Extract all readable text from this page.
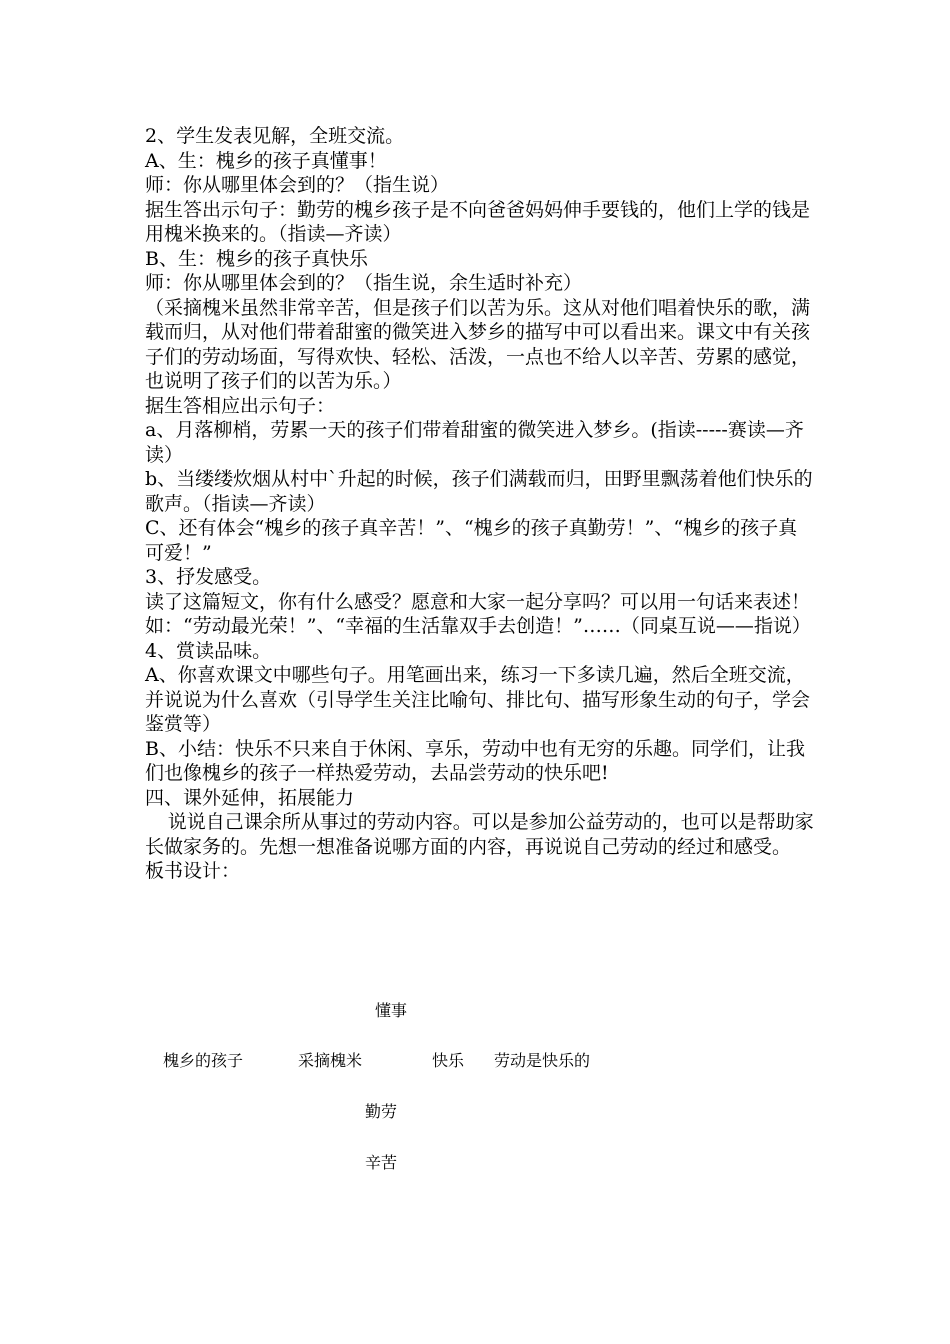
2、学生发表见解，全班交流。

A、生：槐乡的孩子真懂事！

师：你从哪里体会到的？（指生说）

据生答出示句子：勤劳的槐乡孩子是不向爸爸妈妈伸手要钱的，他们上学的钱是用槐米换来的。（指读—齐读）

B、生：槐乡的孩子真快乐

师：你从哪里体会到的？（指生说，余生适时补充）

（采摘槐米虽然非常辛苦，但是孩子们以苦为乐。这从对他们唱着快乐的歌，满载而归，从对他们带着甜蜜的微笑进入梦乡的描写中可以看出来。课文中有关孩子们的劳动场面，写得欢快、轻松、活泼，一点也不给人以辛苦、劳累的感觉，也说明了孩子们的以苦为乐。）

据生答相应出示句子：

a、月落柳梢，劳累一天的孩子们带着甜蜜的微笑进入梦乡。(指读-----赛读—齐读）

b、当缕缕炊烟从村中`升起的时候，孩子们满载而归，田野里飘荡着他们快乐的歌声。（指读—齐读）

C、还有体会“槐乡的孩子真辛苦！”、“槐乡的孩子真勤劳！”、“槐乡的孩子真可爱！”

3、抒发感受。

读了这篇短文，你有什么感受？愿意和大家一起分享吗？可以用一句话来表述！

如：“劳动最光荣！”、“幸福的生活靠双手去创造！”……（同桌互说——指说）

4、赏读品味。

A、你喜欢课文中哪些句子。用笔画出来，练习一下多读几遍，然后全班交流，并说说为什么喜欢（引导学生关注比喻句、排比句、描写形象生动的句子，学会鉴赏等）

B、小结：快乐不只来自于休闲、享乐，劳动中也有无穷的乐趣。同学们，让我们也像槐乡的孩子一样热爱劳动，去品尝劳动的快乐吧!

四、课外延伸，拓展能力

说说自己课余所从事过的劳动内容。可以是参加公益劳动的，也可以是帮助家长做家务的。先想一想准备说哪方面的内容，再说说自己劳动的经过和感受。

板书设计：

懂事
槐乡的孩子	采摘槐米	快乐 劳动是快乐的
勤劳
辛苦
